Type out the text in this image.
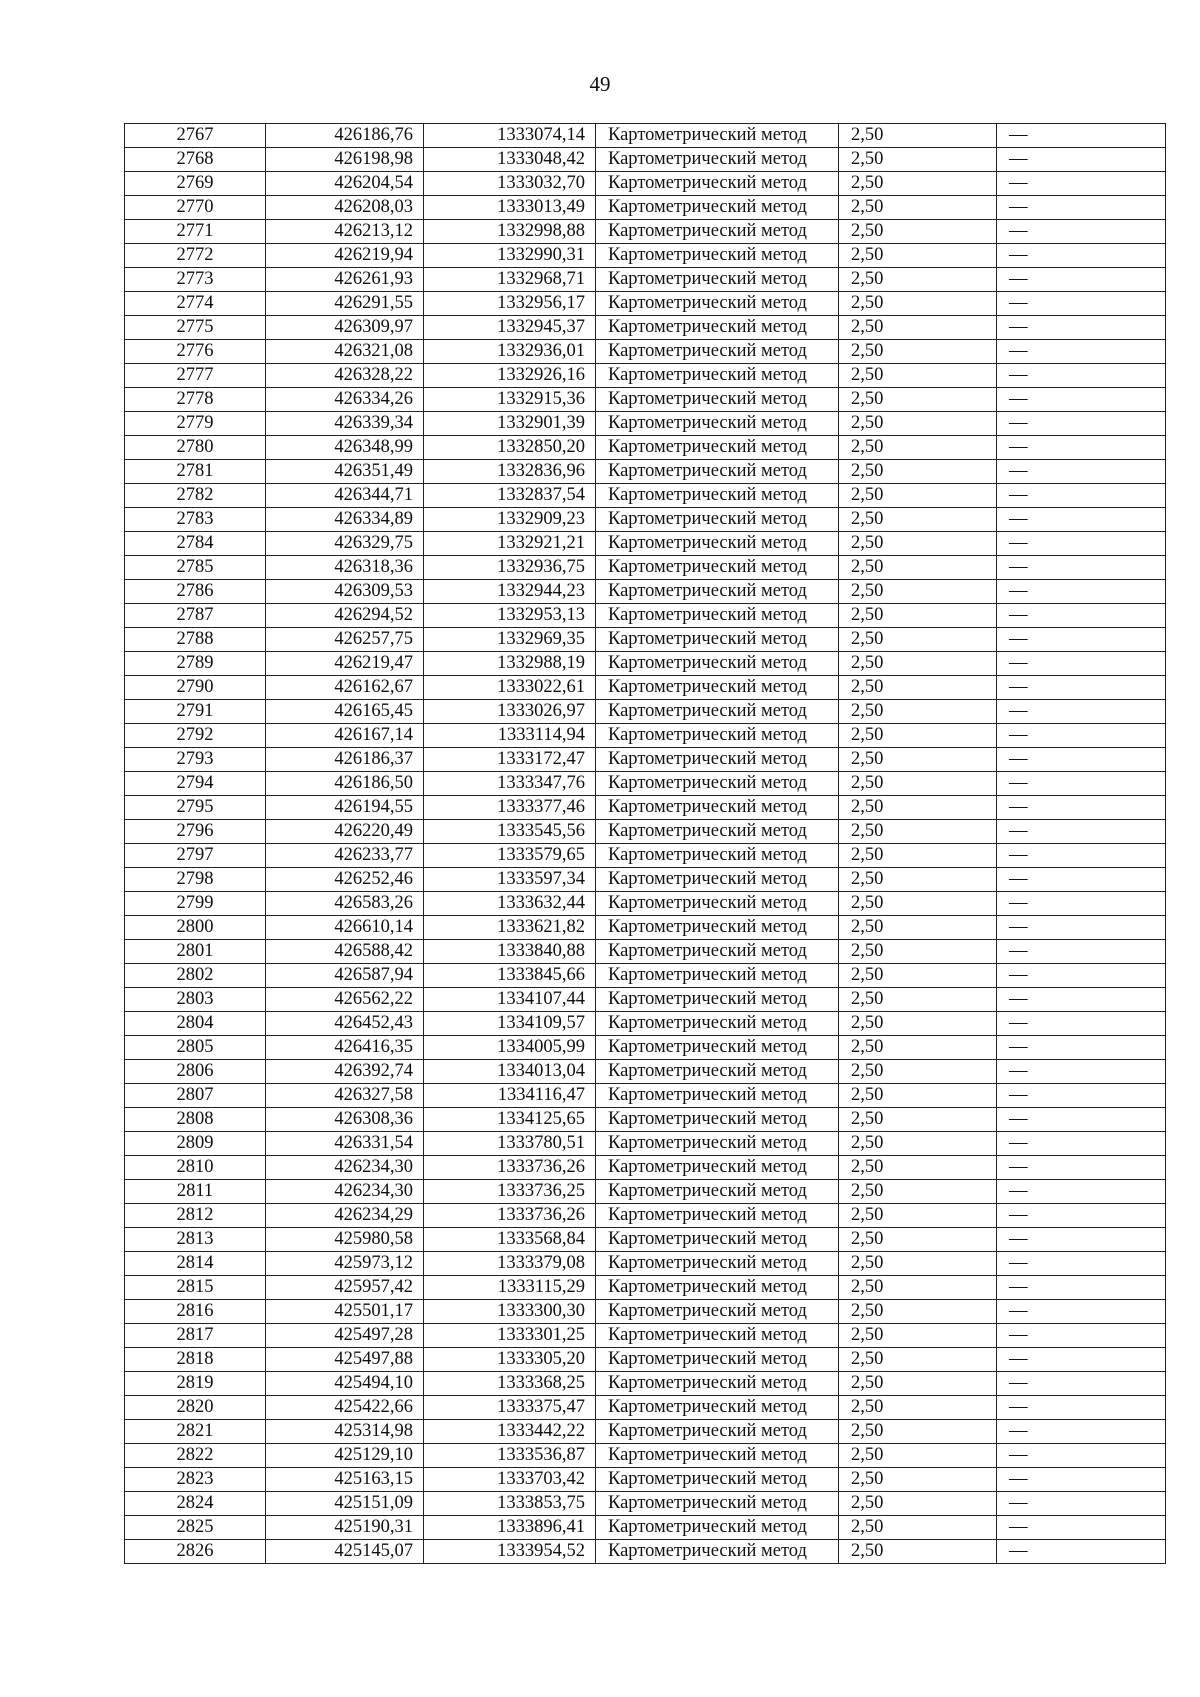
49
2767	426186,76	1333074,14	Картометрический метод	2,50	—
2768	426198,98	1333048,42	Картометрический метод	2,50	—
2769	426204,54	1333032,70	Картометрический метод	2,50	—
2770	426208,03	1333013,49	Картометрический метод	2,50	—
2771	426213,12	1332998,88	Картометрический метод	2,50	—
2772	426219,94	1332990,31	Картометрический метод	2,50	—
2773	426261,93	1332968,71	Картометрический метод	2,50	—
2774	426291,55	1332956,17	Картометрический метод	2,50	—
2775	426309,97	1332945,37	Картометрический метод	2,50	—
2776	426321,08	1332936,01	Картометрический метод	2,50	—
2777	426328,22	1332926,16	Картометрический метод	2,50	—
2778	426334,26	1332915,36	Картометрический метод	2,50	—
2779	426339,34	1332901,39	Картометрический метод	2,50	—
2780	426348,99	1332850,20	Картометрический метод	2,50	—
2781	426351,49	1332836,96	Картометрический метод	2,50	—
2782	426344,71	1332837,54	Картометрический метод	2,50	—
2783	426334,89	1332909,23	Картометрический метод	2,50	—
2784	426329,75	1332921,21	Картометрический метод	2,50	—
2785	426318,36	1332936,75	Картометрический метод	2,50	—
2786	426309,53	1332944,23	Картометрический метод	2,50	—
2787	426294,52	1332953,13	Картометрический метод	2,50	—
2788	426257,75	1332969,35	Картометрический метод	2,50	—
2789	426219,47	1332988,19	Картометрический метод	2,50	—
2790	426162,67	1333022,61	Картометрический метод	2,50	—
2791	426165,45	1333026,97	Картометрический метод	2,50	—
2792	426167,14	1333114,94	Картометрический метод	2,50	—
2793	426186,37	1333172,47	Картометрический метод	2,50	—
2794	426186,50	1333347,76	Картометрический метод	2,50	—
2795	426194,55	1333377,46	Картометрический метод	2,50	—
2796	426220,49	1333545,56	Картометрический метод	2,50	—
2797	426233,77	1333579,65	Картометрический метод	2,50	—
2798	426252,46	1333597,34	Картометрический метод	2,50	—
2799	426583,26	1333632,44	Картометрический метод	2,50	—
2800	426610,14	1333621,82	Картометрический метод	2,50	—
2801	426588,42	1333840,88	Картометрический метод	2,50	—
2802	426587,94	1333845,66	Картометрический метод	2,50	—
2803	426562,22	1334107,44	Картометрический метод	2,50	—
2804	426452,43	1334109,57	Картометрический метод	2,50	—
2805	426416,35	1334005,99	Картометрический метод	2,50	—
2806	426392,74	1334013,04	Картометрический метод	2,50	—
2807	426327,58	1334116,47	Картометрический метод	2,50	—
2808	426308,36	1334125,65	Картометрический метод	2,50	—
2809	426331,54	1333780,51	Картометрический метод	2,50	—
2810	426234,30	1333736,26	Картометрический метод	2,50	—
2811	426234,30	1333736,25	Картометрический метод	2,50	—
2812	426234,29	1333736,26	Картометрический метод	2,50	—
2813	425980,58	1333568,84	Картометрический метод	2,50	—
2814	425973,12	1333379,08	Картометрический метод	2,50	—
2815	425957,42	1333115,29	Картометрический метод	2,50	—
2816	425501,17	1333300,30	Картометрический метод	2,50	—
2817	425497,28	1333301,25	Картометрический метод	2,50	—
2818	425497,88	1333305,20	Картометрический метод	2,50	—
2819	425494,10	1333368,25	Картометрический метод	2,50	—
2820	425422,66	1333375,47	Картометрический метод	2,50	—
2821	425314,98	1333442,22	Картометрический метод	2,50	—
2822	425129,10	1333536,87	Картометрический метод	2,50	—
2823	425163,15	1333703,42	Картометрический метод	2,50	—
2824	425151,09	1333853,75	Картометрический метод	2,50	—
2825	425190,31	1333896,41	Картометрический метод	2,50	—
2826	425145,07	1333954,52	Картометрический метод	2,50	—
